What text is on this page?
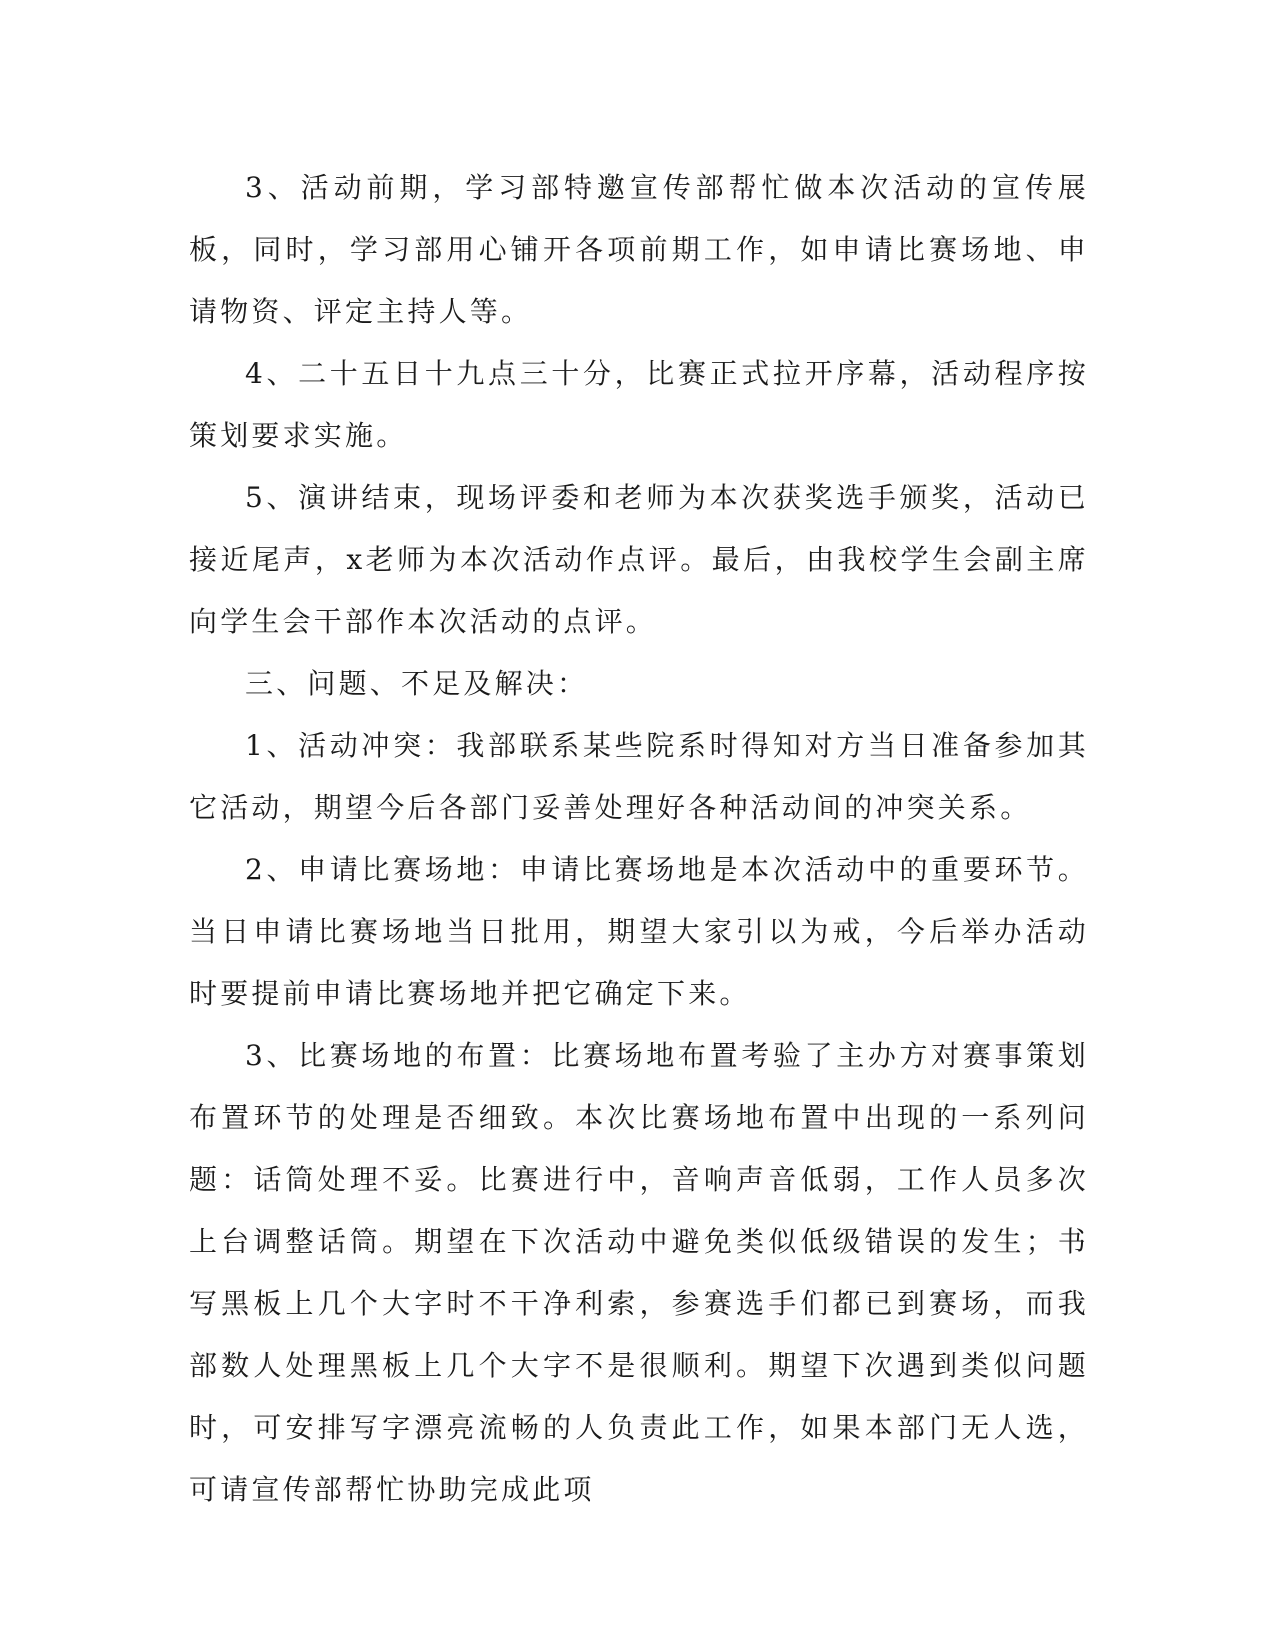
3、活动前期，学习部特邀宣传部帮忙做本次活动的宣传展板，同时，学习部用心铺开各项前期工作，如申请比赛场地、申请物资、评定主持人等。

4、二十五日十九点三十分，比赛正式拉开序幕，活动程序按策划要求实施。

5、演讲结束，现场评委和老师为本次获奖选手颁奖，活动已接近尾声，x老师为本次活动作点评。最后，由我校学生会副主席向学生会干部作本次活动的点评。

三、问题、不足及解决：

1、活动冲突：我部联系某些院系时得知对方当日准备参加其它活动，期望今后各部门妥善处理好各种活动间的冲突关系。

2、申请比赛场地：申请比赛场地是本次活动中的重要环节。当日申请比赛场地当日批用，期望大家引以为戒，今后举办活动时要提前申请比赛场地并把它确定下来。

3、比赛场地的布置：比赛场地布置考验了主办方对赛事策划布置环节的处理是否细致。本次比赛场地布置中出现的一系列问题：话筒处理不妥。比赛进行中，音响声音低弱，工作人员多次上台调整话筒。期望在下次活动中避免类似低级错误的发生；书写黑板上几个大字时不干净利索，参赛选手们都已到赛场，而我部数人处理黑板上几个大字不是很顺利。期望下次遇到类似问题时，可安排写字漂亮流畅的人负责此工作，如果本部门无人选，可请宣传部帮忙协助完成此项
